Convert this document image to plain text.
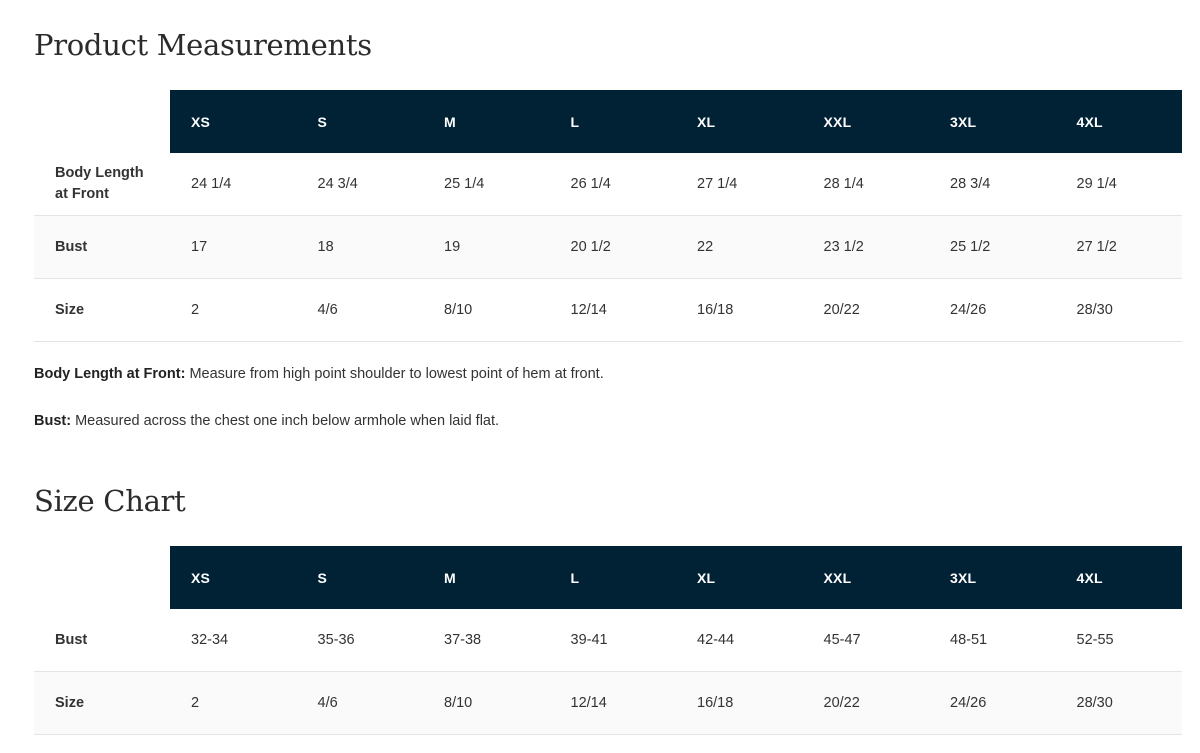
Product Measurements
	XS	S	M	L	XL	XXL	3XL	4XL
Body Length
at Front	24 1/4	24 3/4	25 1/4	26 1/4	27 1/4	28 1/4	28 3/4	29 1/4
Bust	17	18	19	20 1/2	22	23 1/2	25 1/2	27 1/2
Size	2	4/6	8/10	12/14	16/18	20/22	24/26	28/30
Body Length at Front: Measure from high point shoulder to lowest point of hem at front.
Bust: Measured across the chest one inch below armhole when laid flat.
Size Chart
	XS	S	M	L	XL	XXL	3XL	4XL
Bust	32-34	35-36	37-38	39-41	42-44	45-47	48-51	52-55
Size	2	4/6	8/10	12/14	16/18	20/22	24/26	28/30
